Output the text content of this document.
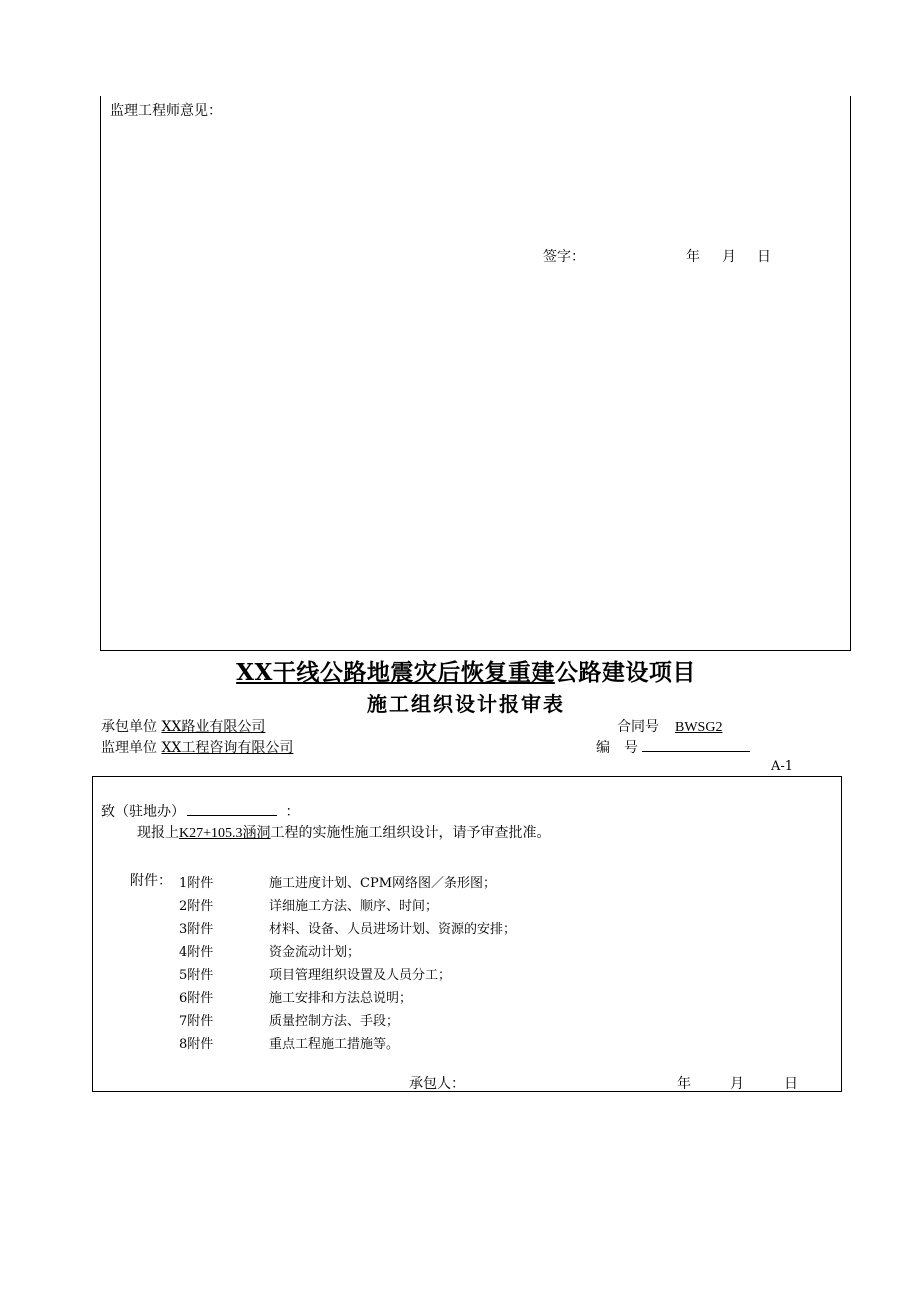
监理工程师意见：
签字：	年 月 日
XX干线公路地震灾后恢复重建公路建设项目
施工组织设计报审表
承包单位 XX路业有限公司	合同号 BWSG2
监理单位 XX工程咨询有限公司	编　号
A-1
致（驻地办）	：
现报上K27+105.3涵洞工程的实施性施工组织设计，请予审查批准。
附件： 1附件	施工进度计划、CPM网络图／条形图；
2附件	详细施工方法、顺序、时间；
3附件	材料、设备、人员进场计划、资源的安排；
4附件	资金流动计划；
5附件	项目管理组织设置及人员分工；
6附件	施工安排和方法总说明；
7附件	质量控制方法、手段；
8附件	重点工程施工措施等。
承包人：	年	月	日
